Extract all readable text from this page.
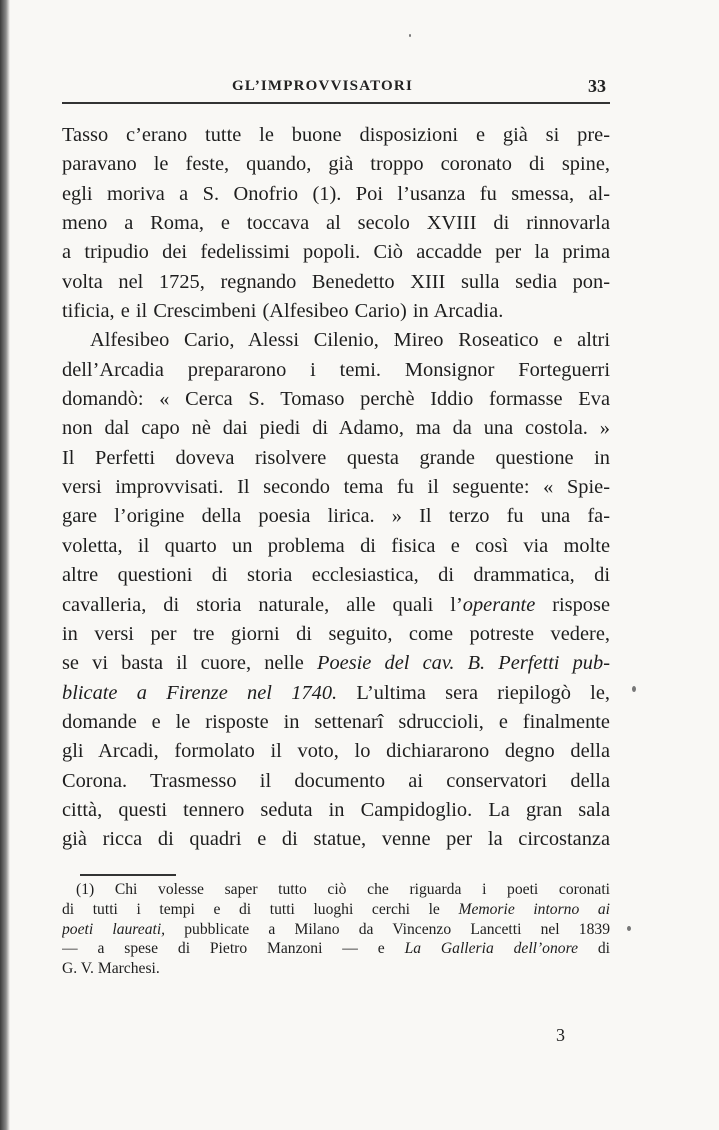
GL’IMPROVVISATORI	33
Tasso c’erano tutte le buone disposizioni e già si pre-
paravano le feste, quando, già troppo coronato di spine,
egli moriva a S. Onofrio (1). Poi l’usanza fu smessa, al-
meno a Roma, e toccava al secolo XVIII di rinnovarla
a tripudio dei fedelissimi popoli. Ciò accadde per la prima
volta nel 1725, regnando Benedetto XIII sulla sedia pon-
tificia, e il Crescimbeni (Alfesibeo Cario) in Arcadia.
Alfesibeo Cario, Alessi Cilenio, Mireo Roseatico e altri
dell’Arcadia prepararono i temi. Monsignor Forteguerri
domandò: « Cerca S. Tomaso perchè Iddio formasse Eva
non dal capo nè dai piedi di Adamo, ma da una costola. »
Il Perfetti doveva risolvere questa grande questione in
versi improvvisati. Il secondo tema fu il seguente: « Spie-
gare l’origine della poesia lirica. » Il terzo fu una fa-
voletta, il quarto un problema di fisica e così via molte
altre questioni di storia ecclesiastica, di drammatica, di
cavalleria, di storia naturale, alle quali l’operante rispose
in versi per tre giorni di seguito, come potreste vedere,
se vi basta il cuore, nelle Poesie del cav. B. Perfetti pub-
blicate a Firenze nel 1740. L’ultima sera riepilogò le,
domande e le risposte in settenarî sdruccioli, e finalmente
gli Arcadi, formolato il voto, lo dichiararono degno della
Corona. Trasmesso il documento ai conservatori della
città, questi tennero seduta in Campidoglio. La gran sala
già ricca di quadri e di statue, venne per la circostanza
(1) Chi volesse saper tutto ciò che riguarda i poeti coronati
di tutti i tempi e di tutti luoghi cerchi le Memorie intorno ai
poeti laureati, pubblicate a Milano da Vincenzo Lancetti nel 1839
— a spese di Pietro Manzoni — e La Galleria dell’onore di
G. V. Marchesi.
3
